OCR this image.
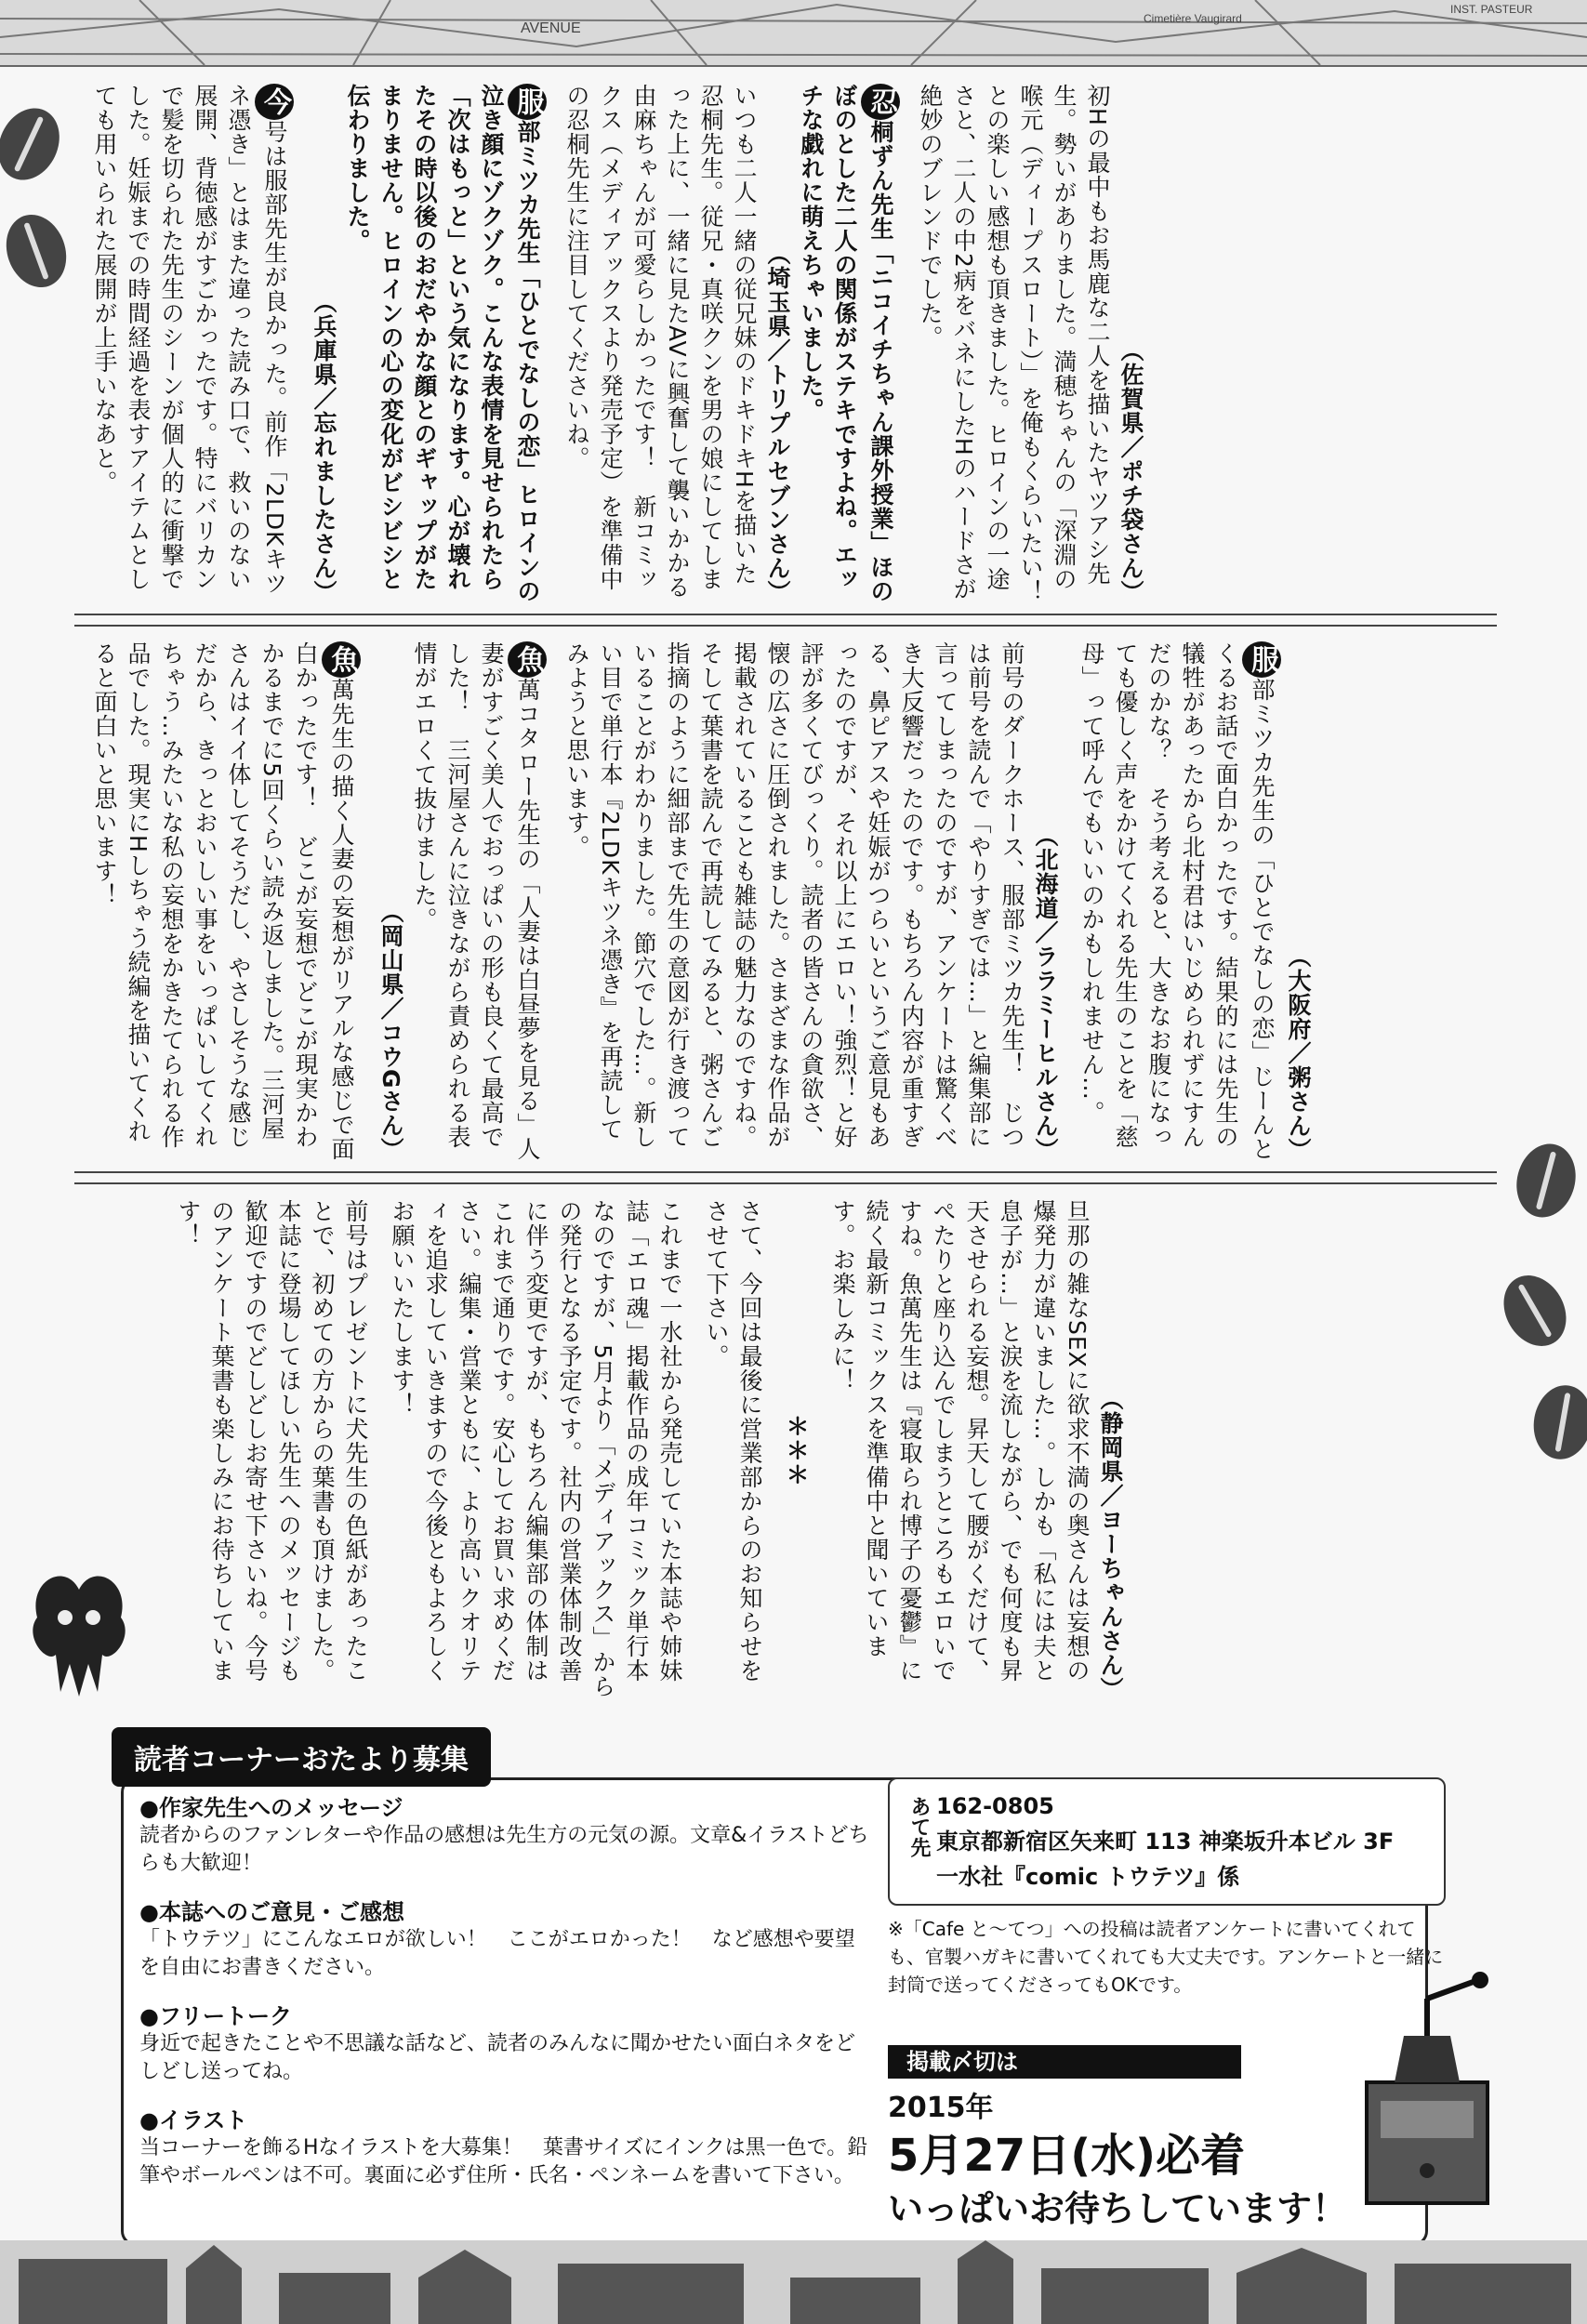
AVENUE
Cimetière Vaugirard
INST. PASTEUR

（佐賀県／ポチ袋さん）
初Hの最中もお馬鹿な二人を描いたヤツアシ先生。勢いがありました。満穂ちゃんの「深淵の喉元（ディープスロート）」を俺もくらいたい！との楽しい感想も頂きました。ヒロインの一途さと、二人の中2病をバネにしたHのハードさが絶妙のブレンドでした。

忍桐ずん先生「ニコイチちゃん課外授業」ほのぼのとした二人の関係がステキですよね。エッチな戯れに萌えちゃいました。
（埼玉県／トリプルセブンさん）
いつも二人一緒の従兄妹のドキドキHを描いた忍桐先生。従兄・真咲クンを男の娘にしてしまった上に、一緒に見たAVに興奮して襲いかかる由麻ちゃんが可愛らしかったです！　新コミックス（メディアックスより発売予定）を準備中の忍桐先生に注目してくださいね。

服部ミツカ先生「ひとでなしの恋」ヒロインの泣き顔にゾクゾク。こんな表情を見せられたら「次はもっと」という気になります。心が壊れたその時以後のおだやかな顔とのギャップがたまりません。ヒロインの心の変化がビシビシと伝わりました。
（兵庫県／忘れましたさん）

今号は服部先生が良かった。前作「2LDKキツネ憑き」とはまた違った読み口で、救いのない展開、背徳感がすごかったです。特にバリカンで髪を切られた先生のシーンが個人的に衝撃でした。妊娠までの時間経過を表すアイテムとしても用いられた展開が上手いなあと。

（大阪府／粥さん）
服部ミツカ先生の「ひとでなしの恋」じーんとくるお話で面白かったです。結果的には先生の犠牲があったから北村君はいじめられずにすんだのかな？　そう考えると、大きなお腹になっても優しく声をかけてくれる先生のことを「慈母」って呼んでもいいのかもしれません…。

（北海道／ララミーヒルさん）
前号のダークホース、服部ミツカ先生！　じつは前号を読んで「やりすぎでは…」と編集部に言ってしまったのですが、アンケートは驚くべき大反響だったのです。もちろん内容が重すぎる、鼻ピアスや妊娠がつらいというご意見もあったのですが、それ以上にエロい！強烈！と好評が多くてびっくり。読者の皆さんの貪欲さ、懐の広さに圧倒されました。さまざまな作品が掲載されていることも雑誌の魅力なのですね。そして葉書を読んで再読してみると、粥さんご指摘のように細部まで先生の意図が行き渡っていることがわかりました。節穴でした…。新しい目で単行本『2LDKキツネ憑き』を再読してみようと思います。

魚萬コタロー先生の「人妻は白昼夢を見る」人妻がすごく美人でおっぱいの形も良くて最高でした！　三河屋さんに泣きながら責められる表情がエロくて抜けました。
（岡山県／コウGさん）

魚萬先生の描く人妻の妄想がリアルな感じで面白かったです！　どこが妄想でどこが現実かわかるまでに5回くらい読み返しました。三河屋さんはイイ体してそうだし、やさしそうな感じだから、きっとおいしい事をいっぱいしてくれちゃう…みたいな私の妄想をかきたてられる作品でした。現実にHしちゃう続編を描いてくれると面白いと思います！

（静岡県／ヨーちゃんさん）
旦那の雑なSEXに欲求不満の奥さんは妄想の爆発力が違いました…。しかも「私には夫と息子が…」と涙を流しながら、でも何度も昇天させられる妄想。昇天して腰がくだけて、ぺたりと座り込んでしまうところもエロいですね。魚萬先生は『寝取られ博子の憂鬱』に続く最新コミックスを準備中と聞いています。お楽しみに！

＊＊＊

さて、今回は最後に営業部からのお知らせをさせて下さい。

これまで一水社から発売していた本誌や姉妹誌「エロ魂」掲載作品の成年コミック単行本なのですが、5月より「メディアックス」からの発行となる予定です。社内の営業体制改善に伴う変更ですが、もちろん編集部の体制はこれまで通りです。安心してお買い求めください。編集・営業ともに、より高いクオリティを追求していきますので今後ともよろしくお願いいたします！

前号はプレゼントに犬先生の色紙があったことで、初めての方からの葉書も頂けました。本誌に登場してほしい先生へのメッセージも歓迎ですのでどしどしお寄せ下さいね。今号のアンケート葉書も楽しみにお待ちしています！

読者コーナーおたより募集
●作家先生へのメッセージ

読者からのファンレターや作品の感想は先生方の元気の源。文章&イラストどちらも大歓迎！

●本誌へのご意見・ご感想

「トウテツ」にこんなエロが欲しい！　ここがエロかった！　など感想や要望を自由にお書きください。

●フリートーク

身近で起きたことや不思議な話など、読者のみんなに聞かせたい面白ネタをどしどし送ってね。

●イラスト

当コーナーを飾るHなイラストを大募集！　葉書サイズにインクは黒一色で。鉛筆やボールペンは不可。裏面に必ず住所・氏名・ペンネームを書いて下さい。

あて先 162-0805
東京都新宿区矢来町 113 神楽坂升本ビル 3F
一水社『comic トウテツ』係
※「Cafe と〜てつ」への投稿は読者アンケートに書いてくれても、官製ハガキに書いてくれても大丈夫です。アンケートと一緒に封筒で送ってくださってもOKです。
掲載〆切は
2015年
5月27日(水)必着
いっぱいお待ちしています！
